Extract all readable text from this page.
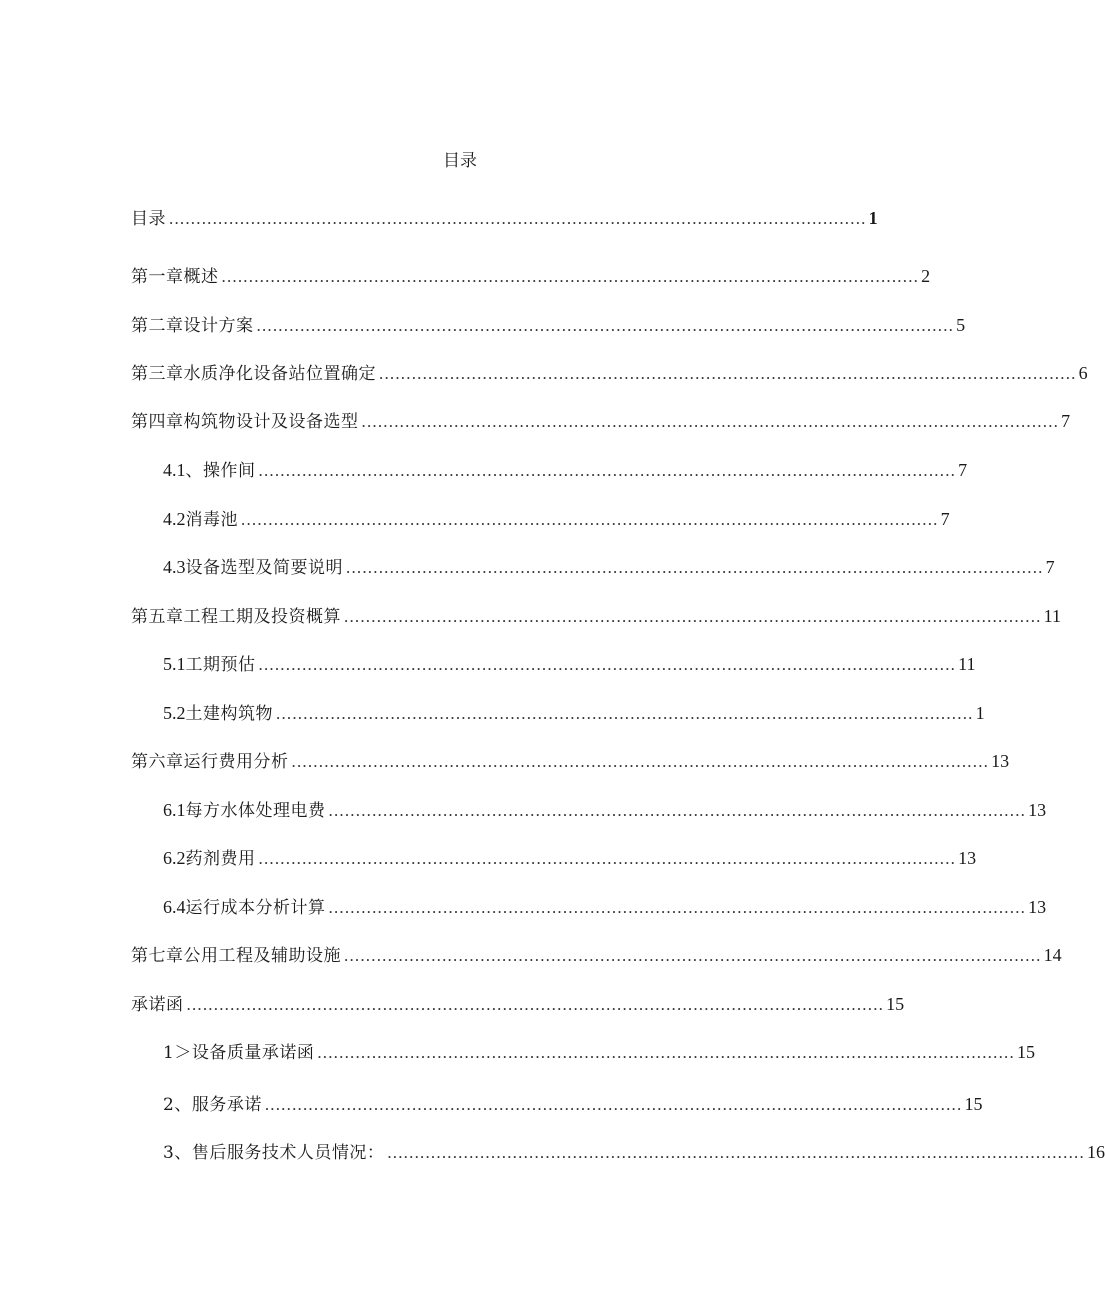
目录
目录 ................................................................................................................................ 1
第一章概述 ................................................................................................................................ 2
第二章设计方案 ................................................................................................................................ 5
第三章水质净化设备站位置确定 ................................................................................................................................ 6
第四章构筑物设计及设备选型 ................................................................................................................................ 7
4.1 、操作间 ................................................................................................................................ 7
4.2 消毒池 ................................................................................................................................ 7
4.3 设备选型及简要说明 ................................................................................................................................ 7
第五章工程工期及投资概算 ................................................................................................................................ 11
5.1 工期预估 ................................................................................................................................ 11
5.2 土建构筑物 ................................................................................................................................ 1
第六章运行费用分析 ................................................................................................................................ 13
6.1 每方水体处理电费 ................................................................................................................................ 13
6.2 药剂费用 ................................................................................................................................ 13
6.4 运行成本分析计算 ................................................................................................................................ 13
第七章公用工程及辅助设施 ................................................................................................................................ 14
承诺函 ................................................................................................................................ 15
1＞设备质量承诺函 ................................................................................................................................ 15
2、服务承诺 ................................................................................................................................ 15
3、售后服务技术人员情况： ................................................................................................................................ 16
